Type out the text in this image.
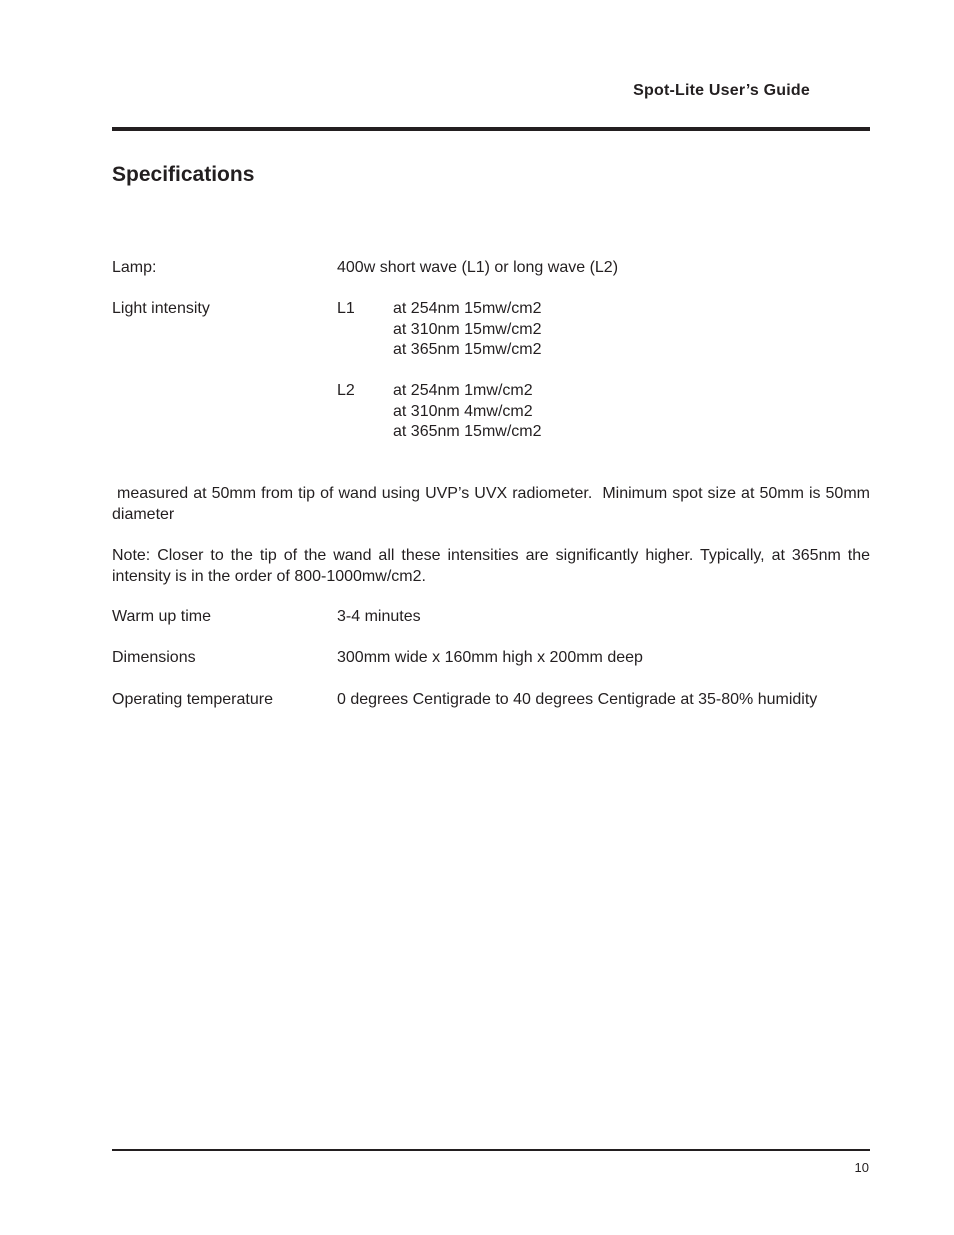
Spot-Lite User’s Guide
Specifications
Lamp:	400w short wave (L1) or long wave (L2)
Light intensity	L1 at 254nm 15mw/cm2
at 310nm 15mw/cm2
at 365nm 15mw/cm2
L2 at 254nm 1mw/cm2
at 310nm 4mw/cm2
at 365nm 15mw/cm2

measured at 50mm from tip of wand using UVP’s UVX radiometer.  Minimum spot size at 50mm is 50mm diameter

Note: Closer to the tip of the wand all these intensities are significantly higher. Typically, at 365nm the intensity is in the order of 800-1000mw/cm2.

Warm up time	3-4 minutes
Dimensions	300mm wide x 160mm high x 200mm deep
Operating temperature	0 degrees Centigrade to 40 degrees Centigrade at 35-80% humidity
10
